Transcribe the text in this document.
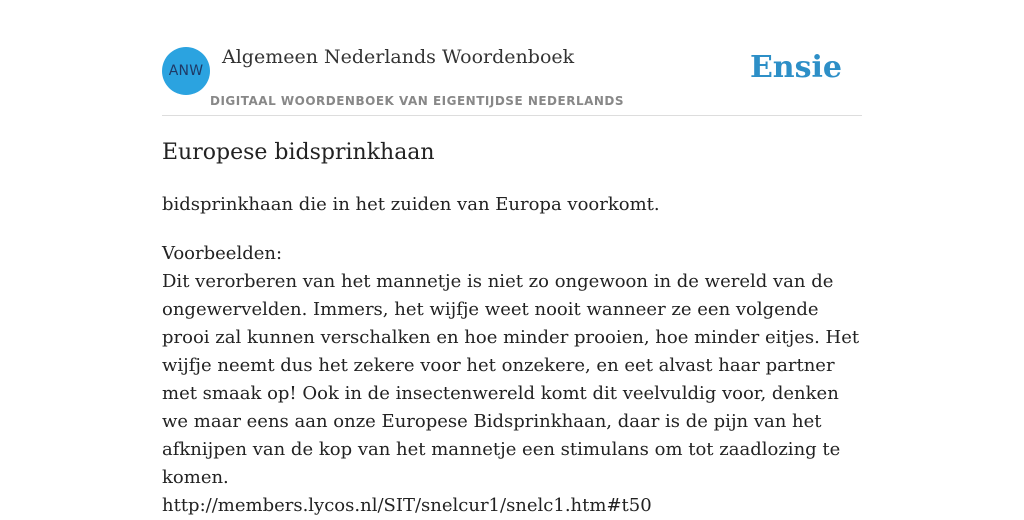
ANW
Algemeen Nederlands Woordenboek
DIGITAAL WOORDENBOEK VAN EIGENTIJDSE NEDERLANDS
Ensie
Europese bidsprinkhaan
bidsprinkhaan die in het zuiden van Europa voorkomt.
Voorbeelden:
Dit verorberen van het mannetje is niet zo ongewoon in de wereld van de ongewervelden. Immers, het wijfje weet nooit wanneer ze een volgende prooi zal kunnen verschalken en hoe minder prooien, hoe minder eitjes. Het wijfje neemt dus het zekere voor het onzekere, en eet alvast haar partner met smaak op! Ook in de insectenwereld komt dit veelvuldig voor, denken we maar eens aan onze Europese Bidsprinkhaan, daar is de pijn van het afknijpen van de kop van het mannetje een stimulans om tot zaadlozing te komen.
http://members.lycos.nl/SIT/snelcur1/snelc1.htm#t50
